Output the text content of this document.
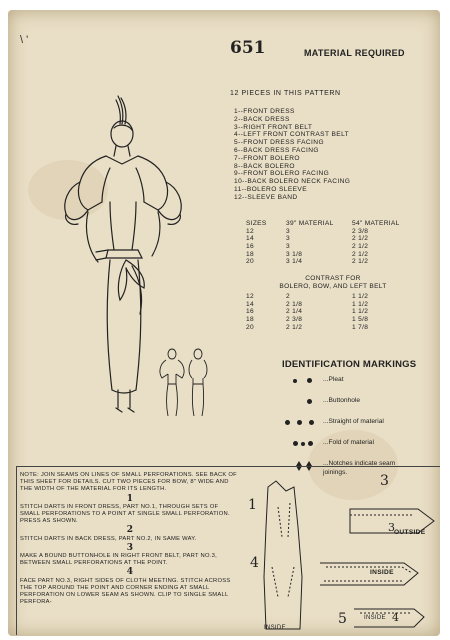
\ '	651	MATERIAL REQUIRED
12 PIECES IN THIS PATTERN
1--FRONT DRESS
2--BACK DRESS
3--RIGHT FRONT BELT
4--LEFT FRONT CONTRAST BELT
5--FRONT DRESS FACING
6--BACK DRESS FACING
7--FRONT BOLERO
8--BACK BOLERO
9--FRONT BOLERO FACING
10--BACK BOLERO NECK FACING
11--BOLERO SLEEVE
12--SLEEVE BAND
SIZES	39" MATERIAL	54" MATERIAL
12	3	2 3/8
14	3	2 1/2
16	3	2 1/2
18	3 1/8	2 1/2
20	3 1/4	2 1/2
CONTRAST FOR
BOLERO, BOW, AND LEFT BELT
12	2	1 1/2
14	2 1/8	1 1/2
16	2 1/4	1 1/2
18	2 3/8	1 5/8
20	2 1/2	1 7/8
IDENTIFICATION MARKINGS
...Pleat
...Buttonhole
...Straight of material
...Fold of material
...Notches indicate seam
joinings.

NOTE: JOIN SEAMS ON LINES OF SMALL PERFORATIONS. SEE BACK OF THIS SHEET FOR DETAILS. CUT TWO PIECES FOR BOW, 8" WIDE AND THE WIDTH OF THE MATERIAL FOR ITS LENGTH.

1

STITCH DARTS IN FRONT DRESS, PART NO.1, THROUGH SETS OF SMALL PERFORATIONS TO A POINT AT SINGLE SMALL PERFORATION. PRESS AS SHOWN.

2

STITCH DARTS IN BACK DRESS, PART NO.2, IN SAME WAY.

3

MAKE A BOUND BUTTONHOLE IN RIGHT FRONT BELT, PART NO.3, BETWEEN SMALL PERFORATIONS AT THE POINT.

4

FACE PART NO.3, RIGHT SIDES OF CLOTH MEETING. STITCH ACROSS THE TOP AROUND THE POINT AND CORNER ENDING AT SMALL PERFORATION ON LOWER SEAM AS SHOWN. CLIP TO SINGLE SMALL PERFORA-

1
3
4
5
3 OUTSIDE
INSIDE
INSIDE
INSIDE 4
